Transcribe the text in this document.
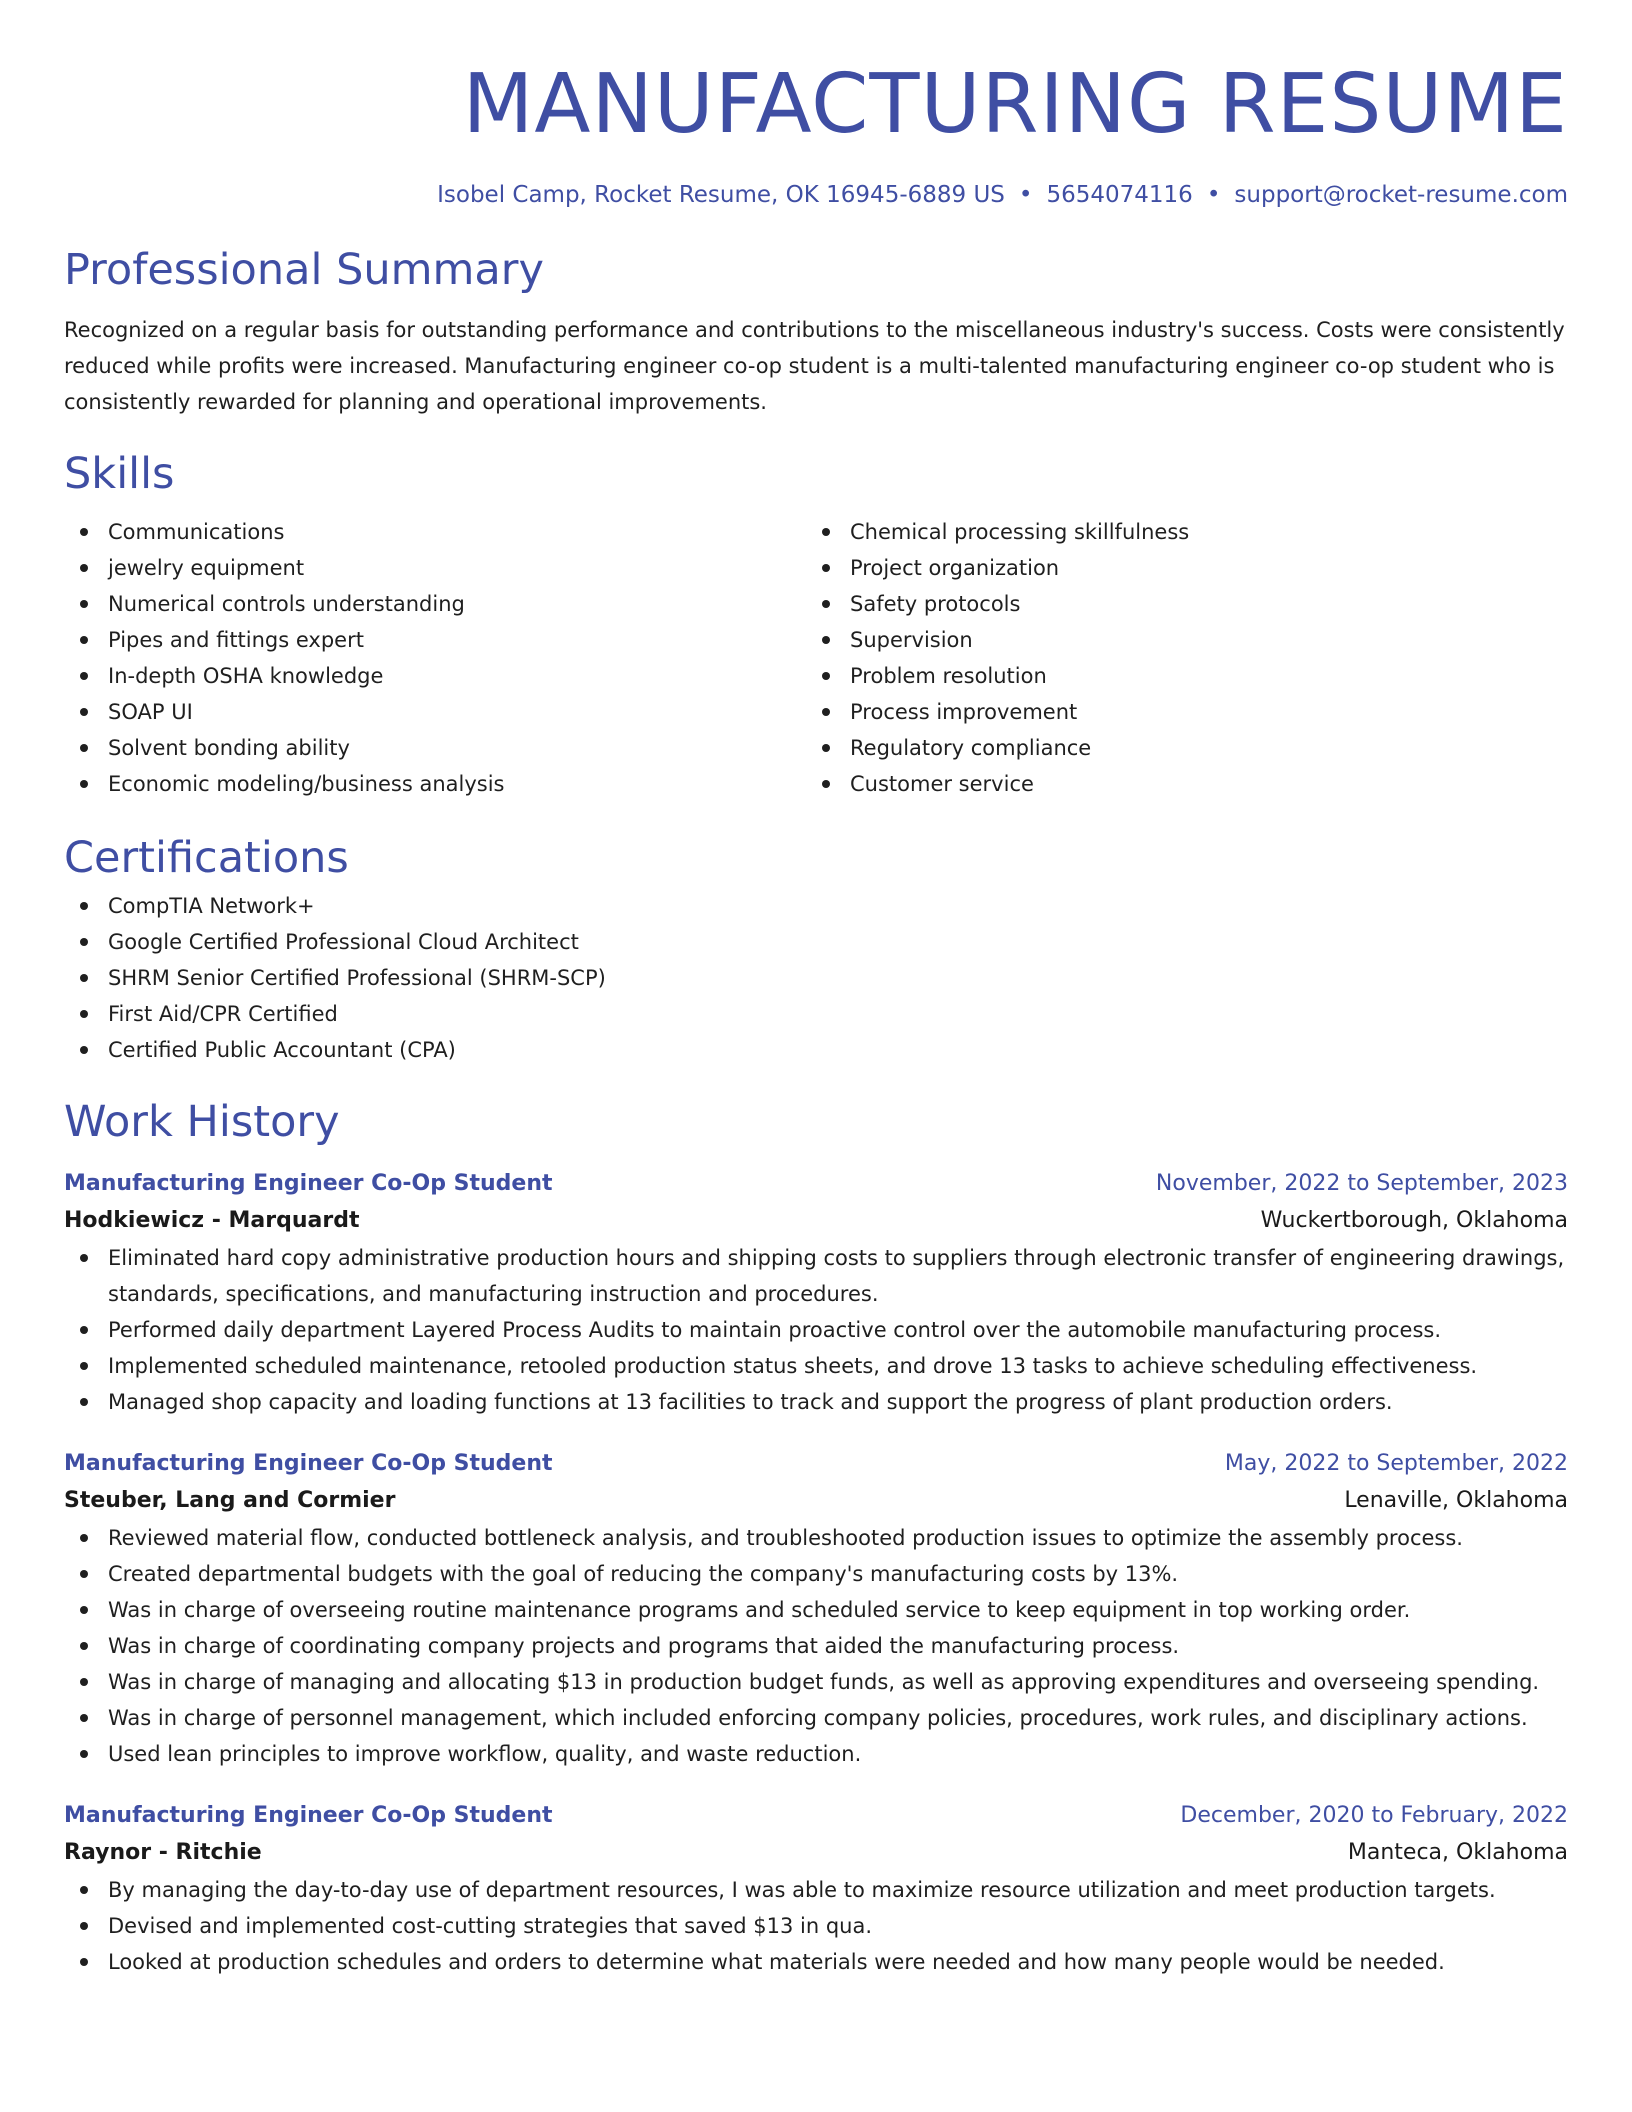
MANUFACTURING RESUME
Isobel Camp, Rocket Resume, OK 16945-6889 US • 5654074116 • support@rocket-resume.com
Professional Summary
Recognized on a regular basis for outstanding performance and contributions to the miscellaneous industry's success. Costs were consistently reduced while profits were increased. Manufacturing engineer co-op student is a multi-talented manufacturing engineer co-op student who is consistently rewarded for planning and operational improvements.
Skills
Communications
jewelry equipment
Numerical controls understanding
Pipes and fittings expert
In-depth OSHA knowledge
SOAP UI
Solvent bonding ability
Economic modeling/business analysis
Chemical processing skillfulness
Project organization
Safety protocols
Supervision
Problem resolution
Process improvement
Regulatory compliance
Customer service
Certifications
CompTIA Network+
Google Certified Professional Cloud Architect
SHRM Senior Certified Professional (SHRM-SCP)
First Aid/CPR Certified
Certified Public Accountant (CPA)
Work History
Manufacturing Engineer Co-Op Student	November, 2022 to September, 2023
Hodkiewicz - Marquardt	Wuckertborough, Oklahoma
Eliminated hard copy administrative production hours and shipping costs to suppliers through electronic transfer of engineering drawings, standards, specifications, and manufacturing instruction and procedures.
Performed daily department Layered Process Audits to maintain proactive control over the automobile manufacturing process.
Implemented scheduled maintenance, retooled production status sheets, and drove 13 tasks to achieve scheduling effectiveness.
Managed shop capacity and loading functions at 13 facilities to track and support the progress of plant production orders.
Manufacturing Engineer Co-Op Student	May, 2022 to September, 2022
Steuber, Lang and Cormier	Lenaville, Oklahoma
Reviewed material flow, conducted bottleneck analysis, and troubleshooted production issues to optimize the assembly process.
Created departmental budgets with the goal of reducing the company's manufacturing costs by 13%.
Was in charge of overseeing routine maintenance programs and scheduled service to keep equipment in top working order.
Was in charge of coordinating company projects and programs that aided the manufacturing process.
Was in charge of managing and allocating $13 in production budget funds, as well as approving expenditures and overseeing spending.
Was in charge of personnel management, which included enforcing company policies, procedures, work rules, and disciplinary actions.
Used lean principles to improve workflow, quality, and waste reduction.
Manufacturing Engineer Co-Op Student	December, 2020 to February, 2022
Raynor - Ritchie	Manteca, Oklahoma
By managing the day-to-day use of department resources, I was able to maximize resource utilization and meet production targets.
Devised and implemented cost-cutting strategies that saved $13 in qua.
Looked at production schedules and orders to determine what materials were needed and how many people would be needed.
